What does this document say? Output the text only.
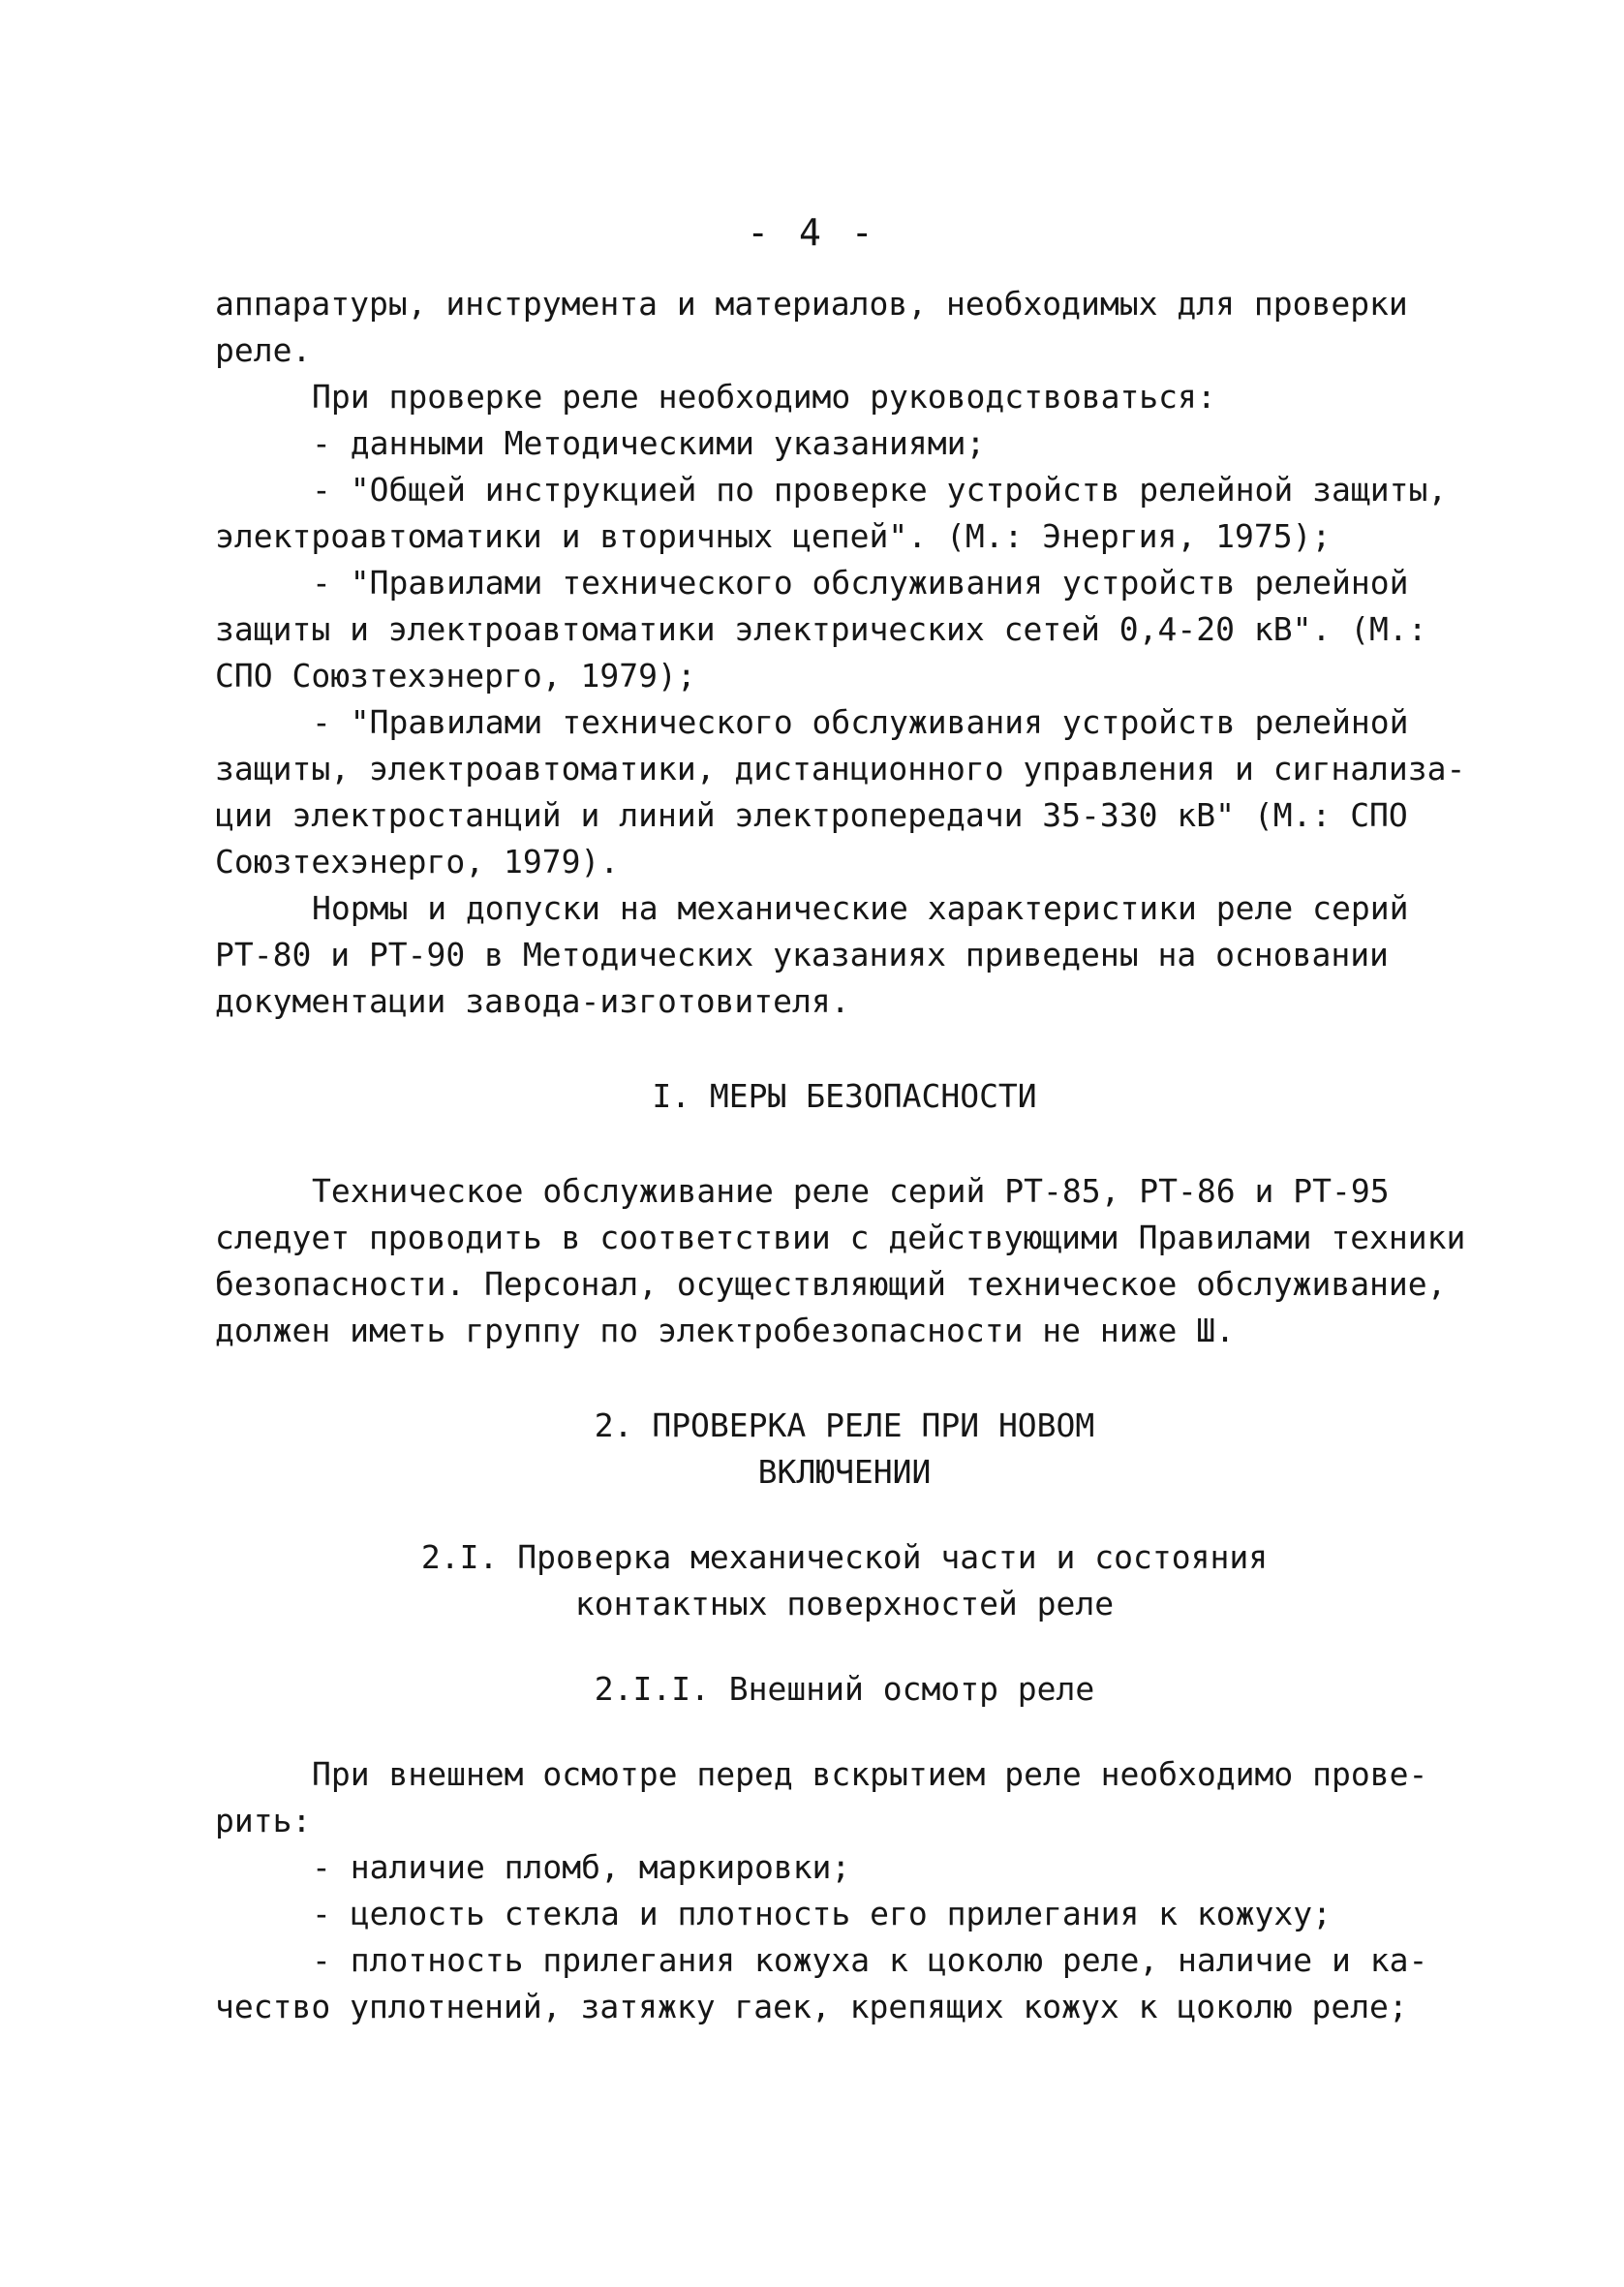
- 4 -
аппаратуры, инструмента и материалов, необходимых для проверки
реле.
При проверке реле необходимо руководствоваться:
- данными Методическими указаниями;
- "Общей инструкцией по проверке устройств релейной защиты,
электроавтоматики и вторичных цепей". (М.: Энергия, 1975);
- "Правилами технического обслуживания устройств релейной
защиты и электроавтоматики электрических сетей 0,4-20 кВ". (М.:
СПО Союзтехэнерго, 1979);
- "Правилами технического обслуживания устройств релейной
защиты, электроавтоматики, дистанционного управления и сигнализа-
ции электростанций и линий электропередачи 35-330 кВ" (М.: СПО
Союзтехэнерго, 1979).
Нормы и допуски на механические характеристики реле серий
РТ-80 и РТ-90 в Методических указаниях приведены на основании
документации завода-изготовителя.
I. МЕРЫ БЕЗОПАСНОСТИ
Техническое обслуживание реле серий РТ-85, РТ-86 и РТ-95
следует проводить в соответствии с действующими Правилами техники
безопасности. Персонал, осуществляющий техническое обслуживание,
должен иметь группу по электробезопасности не ниже Ш.
2. ПРОВЕРКА РЕЛЕ ПРИ НОВОМ
ВКЛЮЧЕНИИ
2.I. Проверка механической части и состояния
контактных поверхностей реле
2.I.I. Внешний осмотр реле
При внешнем осмотре перед вскрытием реле необходимо прове-
рить:
- наличие пломб, маркировки;
- целость стекла и плотность его прилегания к кожуху;
- плотность прилегания кожуха к цоколю реле, наличие и ка-
чество уплотнений, затяжку гаек, крепящих кожух к цоколю реле;
